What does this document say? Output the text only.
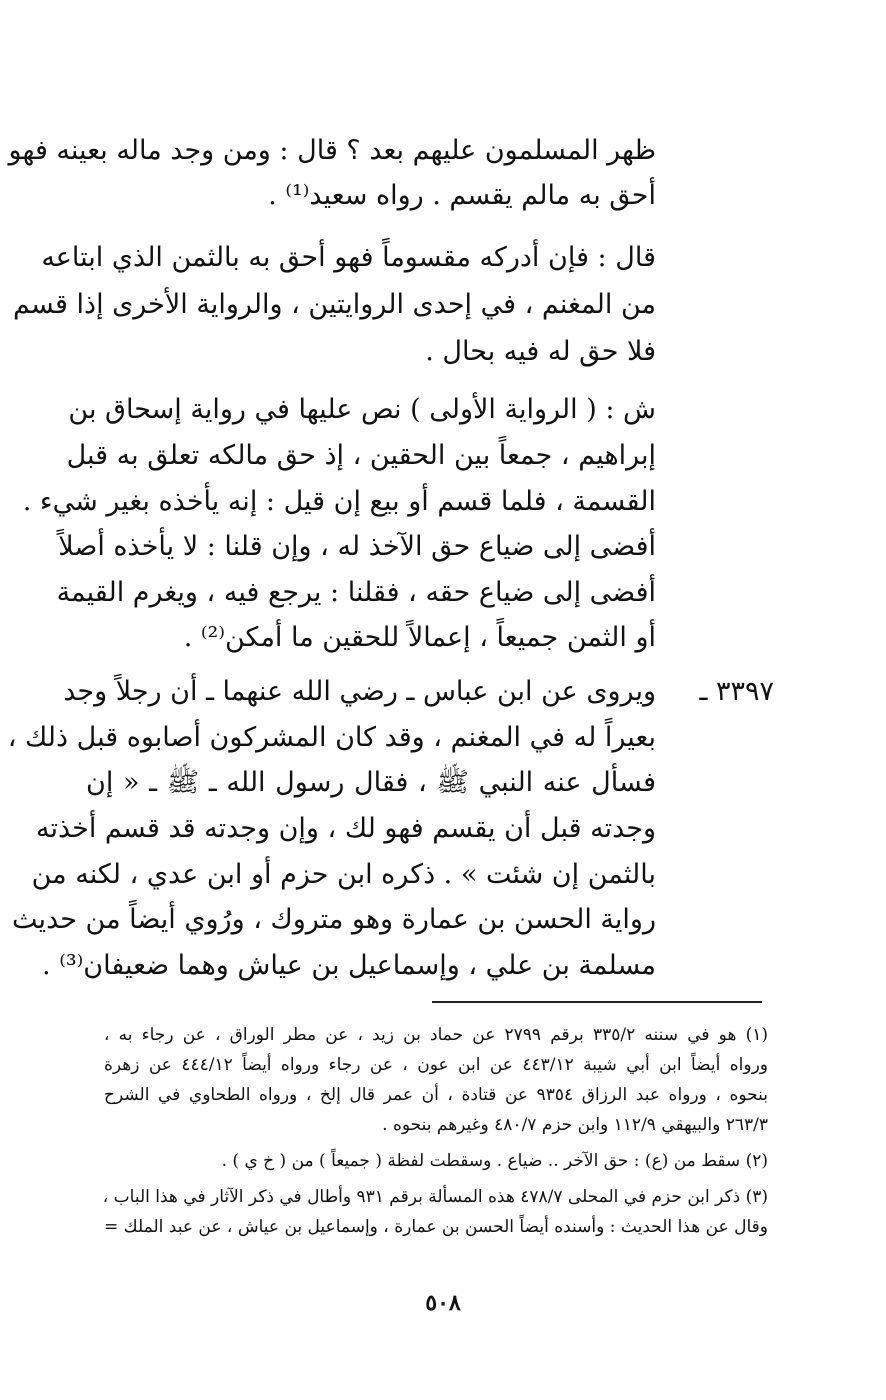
ظهر المسلمون عليهم بعد ؟ قال : ومن وجد ماله بعينه فهو
أحق به مالم يقسم . رواه سعيد⁽¹⁾ .
قال : فإن أدركه مقسوماً فهو أحق به بالثمن الذي ابتاعه
من المغنم ، في إحدى الروايتين ، والرواية الأخرى إذا قسم
فلا حق له فيه بحال .
ش : ( الرواية الأولى ) نص عليها في رواية إسحاق بن
إبراهيم ، جمعاً بين الحقين ، إذ حق مالكه تعلق به قبل
القسمة ، فلما قسم أو بيع إن قيل : إنه يأخذه بغير شيء .
أفضى إلى ضياع حق الآخذ له ، وإن قلنا : لا يأخذه أصلاً
أفضى إلى ضياع حقه ، فقلنا : يرجع فيه ، ويغرم القيمة
أو الثمن جميعاً ، إعمالاً للحقين ما أمكن⁽²⁾ .
٣٣٩٧ ـ
ويروى عن ابن عباس ـ رضي الله عنهما ـ أن رجلاً وجد
بعيراً له في المغنم ، وقد كان المشركون أصابوه قبل ذلك ،
فسأل عنه النبي ﷺ ، فقال رسول الله ـ ﷺ ـ « إن
وجدته قبل أن يقسم فهو لك ، وإن وجدته قد قسم أخذته
بالثمن إن شئت » . ذكره ابن حزم أو ابن عدي ، لكنه من
رواية الحسن بن عمارة وهو متروك ، ورُوي أيضاً من حديث
مسلمة بن علي ، وإسماعيل بن عياش وهما ضعيفان⁽³⁾ .
(١) هو في سننه ٣٣٥/٢ برقم ٢٧٩٩ عن حماد بن زيد ، عن مطر الوراق ، عن رجاء به ،
ورواه أيضاً ابن أبي شيبة ٤٤٣/١٢ عن ابن عون ، عن رجاء ورواه أيضاً ٤٤٤/١٢ عن زهرة
بنحوه ، ورواه عبد الرزاق ٩٣٥٤ عن قتادة ، أن عمر قال إلخ ، ورواه الطحاوي في الشرح
٢٦٣/٣ والبيهقي ١١٢/٩ وابن حزم ٤٨٠/٧ وغيرهم بنحوه .
(٢) سقط من (ع) : حق الآخر .. ضياع . وسقطت لفظة ( جميعاً ) من ( خ ي ) .
(٣) ذكر ابن حزم في المحلى ٤٧٨/٧ هذه المسألة برقم ٩٣١ وأطال في ذكر الآثار في هذا الباب ،
وقال عن هذا الحديث : وأسنده أيضاً الحسن بن عمارة ، وإسماعيل بن عياش ، عن عبد الملك =
٥٠٨
